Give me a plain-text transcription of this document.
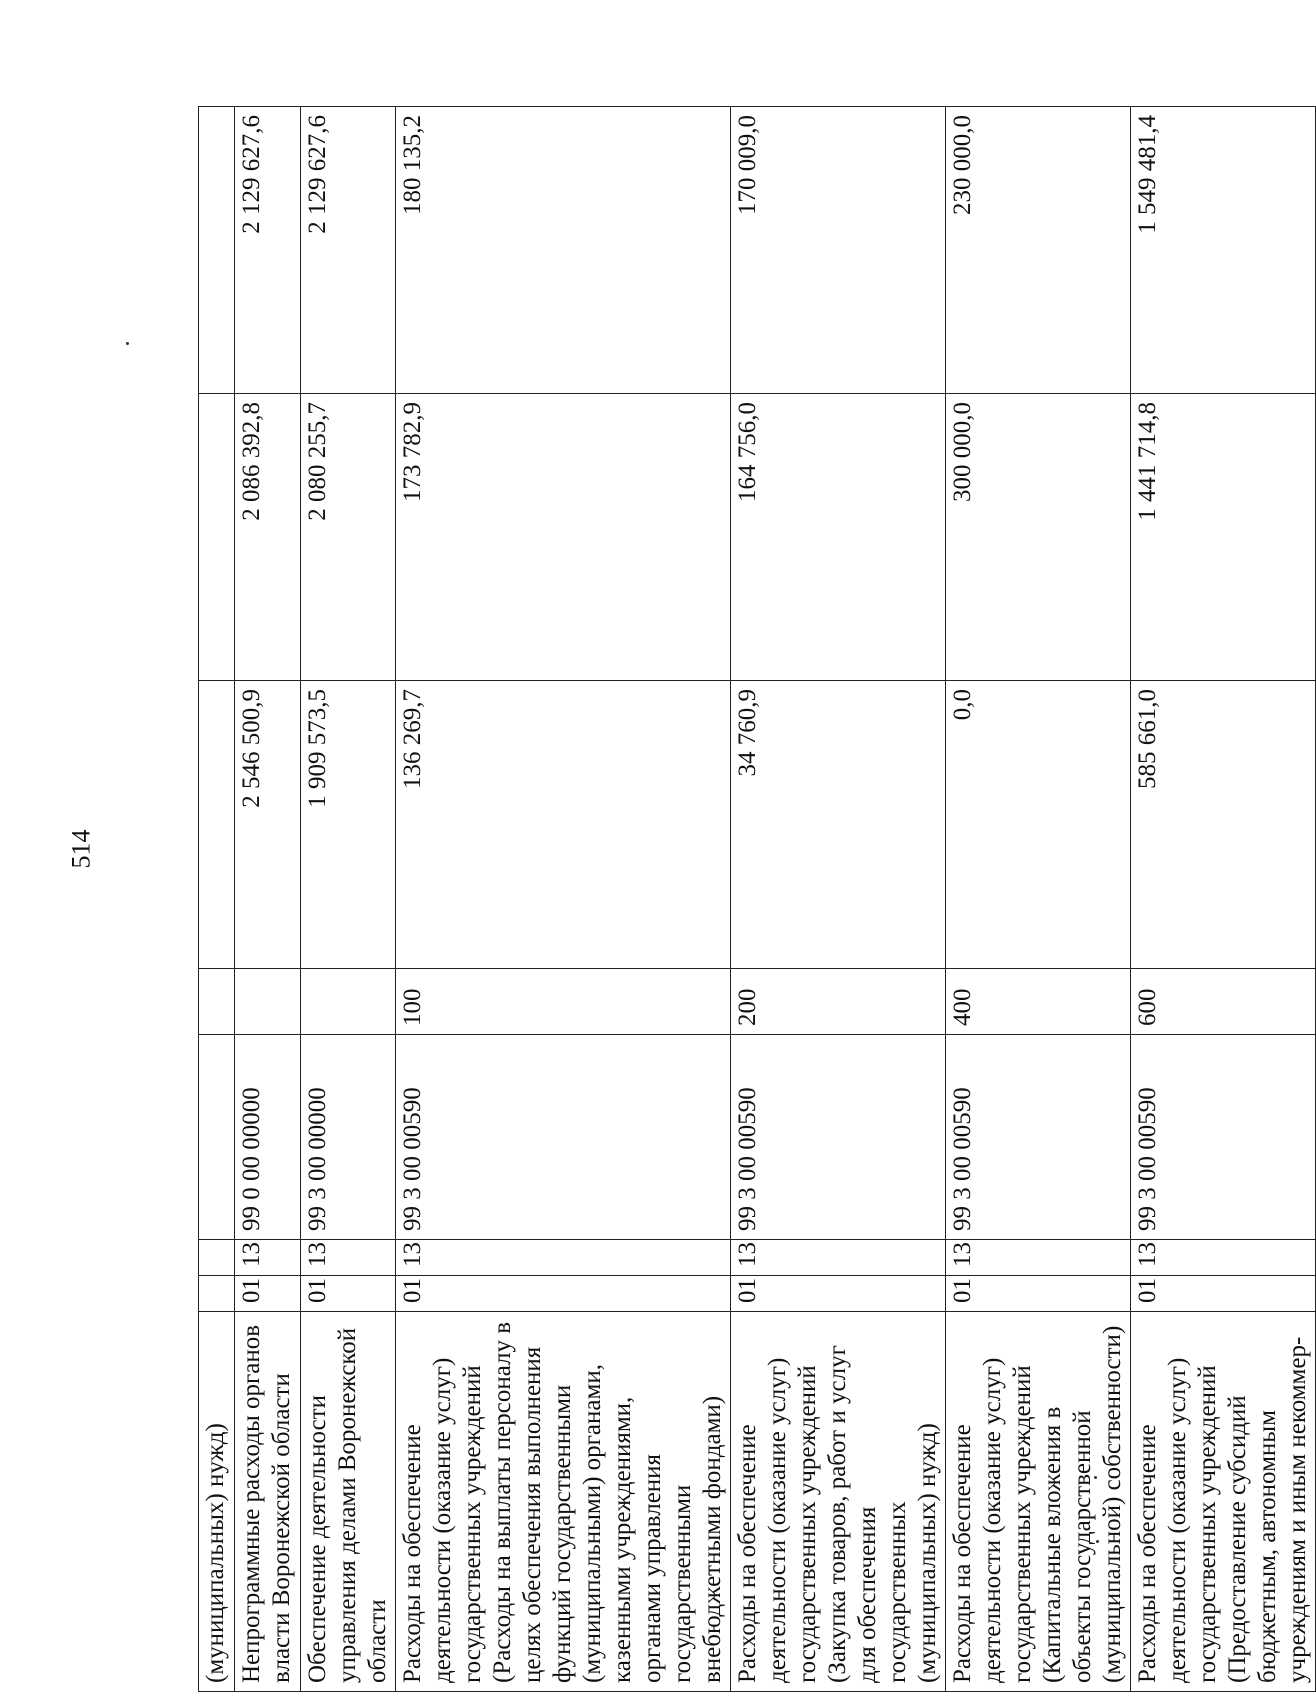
514
(муниципальных) нужд)							
Непрограммные расходы органов власти Воронежской области	01	13	99 0 00 00000		2 546 500,9	2 086 392,8	2 129 627,6
Обеспечение деятельности управления делами Воронежской области	01	13	99 3 00 00000		1 909 573,5	2 080 255,7	2 129 627,6
Расходы на обеспечение деятельности (оказание услуг) государственных учреждений (Расходы на выплаты персоналу в целях обеспечения выполнения функций государственными (муниципальными) органами, казенными учреждениями, органами управления государственными внебюджетными фондами)	01	13	99 3 00 00590	100	136 269,7	173 782,9	180 135,2
Расходы на обеспечение деятельности (оказание услуг) государственных учреждений (Закупка товаров, работ и услуг для обеспечения государственных (муниципальных) нужд)	01	13	99 3 00 00590	200	34 760,9	164 756,0	170 009,0
Расходы на обеспечение деятельности (оказание услуг) государственных учреждений (Капитальные вложения в объекты государственной (муниципальной) собственности)	01	13	99 3 00 00590	400	0,0	300 000,0	230 000,0
Расходы на обеспечение деятельности (оказание услуг) государственных учреждений (Предоставление субсидий бюджетным, автономным учреждениям и иным некоммер-	01	13	99 3 00 00590	600	585 661,0	1 441 714,8	1 549 481,4
